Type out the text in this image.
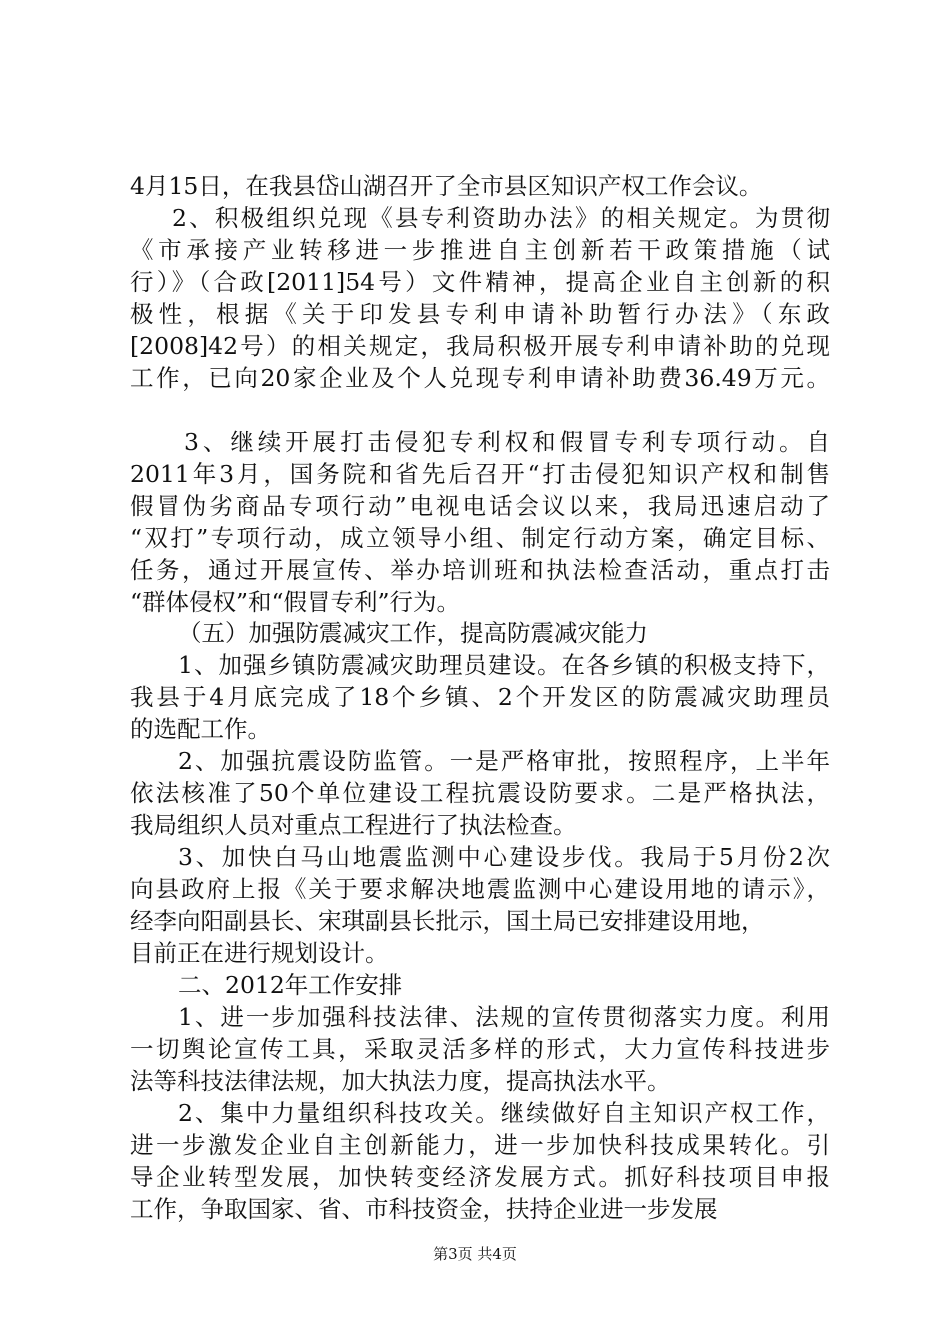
4月15日，在我县岱山湖召开了全市县区知识产权工作会议。
2、积极组织兑现《县专利资助办法》的相关规定。为贯彻
《市承接产业转移进一步推进自主创新若干政策措施（试
行）》（合政[2011]54号）文件精神，提高企业自主创新的积
极性，根据《关于印发县专利申请补助暂行办法》（东政
[2008]42号）的相关规定，我局积极开展专利申请补助的兑现
工作，已向20家企业及个人兑现专利申请补助费36.49万元。
3、继续开展打击侵犯专利权和假冒专利专项行动。自
2011年3月，国务院和省先后召开“打击侵犯知识产权和制售
假冒伪劣商品专项行动”电视电话会议以来，我局迅速启动了
“双打”专项行动，成立领导小组、制定行动方案，确定目标、
任务，通过开展宣传、举办培训班和执法检查活动，重点打击
“群体侵权”和“假冒专利”行为。
（五）加强防震减灾工作，提高防震减灾能力
1、加强乡镇防震减灾助理员建设。在各乡镇的积极支持下，
我县于4月底完成了18个乡镇、2个开发区的防震减灾助理员
的选配工作。
2、加强抗震设防监管。一是严格审批，按照程序，上半年
依法核准了50个单位建设工程抗震设防要求。二是严格执法，
我局组织人员对重点工程进行了执法检查。
3、加快白马山地震监测中心建设步伐。我局于5月份2次
向县政府上报《关于要求解决地震监测中心建设用地的请示》，
经李向阳副县长、宋琪副县长批示，国土局已安排建设用地，
目前正在进行规划设计。
二、2012年工作安排
1、进一步加强科技法律、法规的宣传贯彻落实力度。利用
一切舆论宣传工具，采取灵活多样的形式，大力宣传科技进步
法等科技法律法规，加大执法力度，提高执法水平。
2、集中力量组织科技攻关。继续做好自主知识产权工作，
进一步激发企业自主创新能力，进一步加快科技成果转化。引
导企业转型发展，加快转变经济发展方式。抓好科技项目申报
工作，争取国家、省、市科技资金，扶持企业进一步发展
第3页 共4页
